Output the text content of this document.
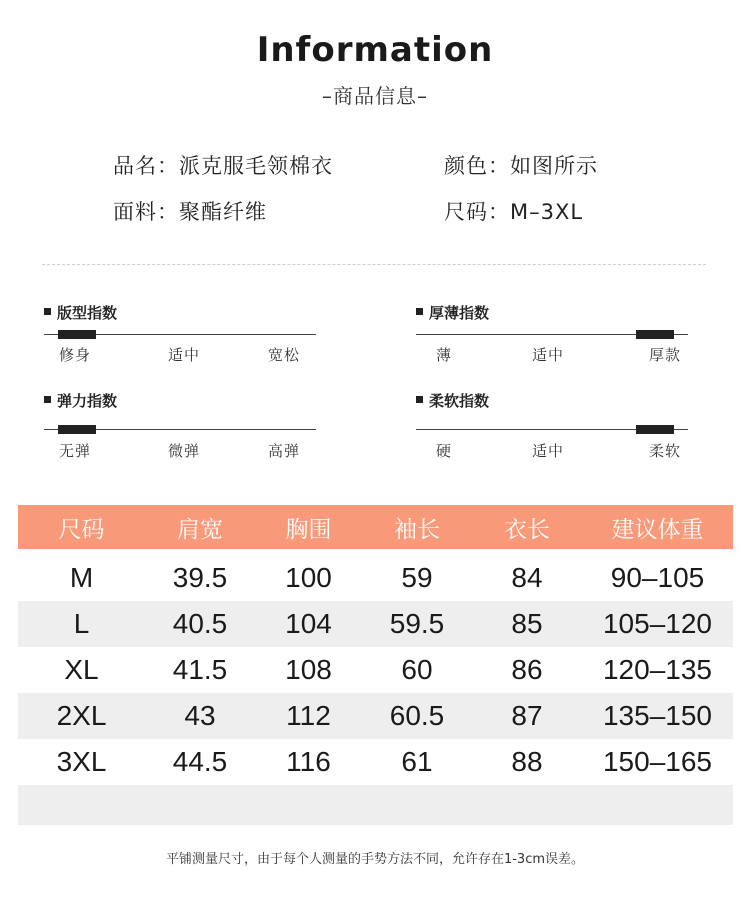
Information
–商品信息–
品名：派克服毛领棉衣	颜色：如图所示
面料：聚酯纤维	尺码：M–3XL
版型指数
修身	适中	宽松
厚薄指数
薄	适中	厚款
弹力指数
无弹	微弹	高弹
柔软指数
硬	适中	柔软
尺码	肩宽	胸围	袖长	衣长	建议体重
M	39.5	100	59	84	90–105
L	40.5	104	59.5	85	105–120
XL	41.5	108	60	86	120–135
2XL	43	112	60.5	87	135–150
3XL	44.5	116	61	88	150–165
平铺测量尺寸，由于每个人测量的手势方法不同，允许存在1-3cm误差。
